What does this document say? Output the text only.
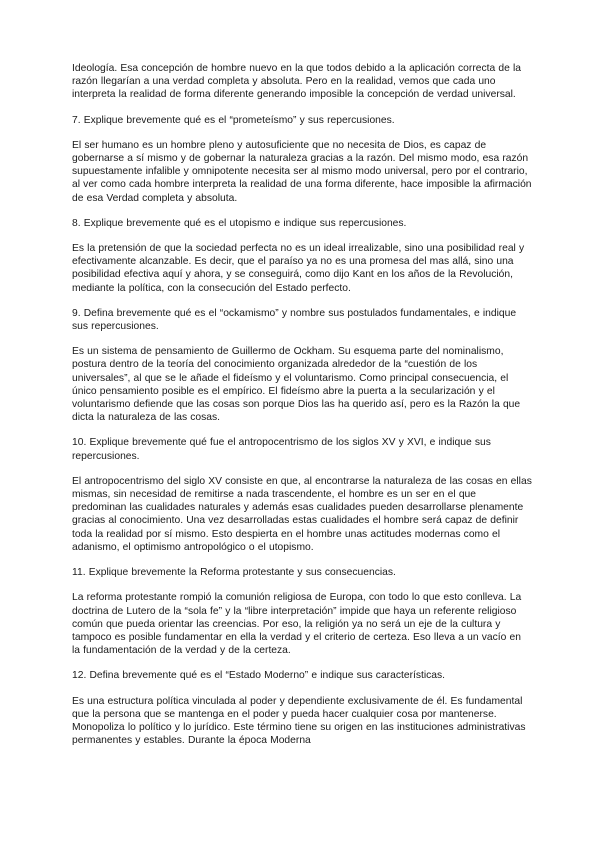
Ideología. Esa concepción de hombre nuevo en la que todos debido a la aplicación correcta de la razón llegarían a una verdad completa y absoluta. Pero en la realidad, vemos que cada uno interpreta la realidad de forma diferente generando imposible la concepción de verdad universal.

7. Explique brevemente qué es el “prometeísmo” y sus repercusiones.

El ser humano es un hombre pleno y autosuficiente que no necesita de Dios, es capaz de gobernarse a sí mismo y de gobernar la naturaleza gracias a la razón. Del mismo modo, esa razón supuestamente infalible y omnipotente necesita ser al mismo modo universal, pero por el contrario, al ver como cada hombre interpreta la realidad de una forma diferente, hace imposible la afirmación de esa Verdad completa y absoluta.

8. Explique brevemente qué es el utopismo e indique sus repercusiones.

Es la pretensión de que la sociedad perfecta no es un ideal irrealizable, sino una posibilidad real y efectivamente alcanzable. Es decir, que el paraíso ya no es una promesa del mas allá, sino una posibilidad efectiva aquí y ahora, y se conseguirá, como dijo Kant en los años de la Revolución, mediante la política, con la consecución del Estado perfecto.

9. Defina brevemente qué es el “ockamismo” y nombre sus postulados fundamentales, e indique sus repercusiones.

Es un sistema de pensamiento de Guillermo de Ockham. Su esquema parte del nominalismo, postura dentro de la teoría del conocimiento organizada alrededor de la “cuestión de los universales”, al que se le añade el fideísmo y el voluntarismo. Como principal consecuencia, el único pensamiento posible es el empírico. El fideísmo abre la puerta a la secularización y el voluntarismo defiende que las cosas son porque Dios las ha querido así, pero es la Razón la que dicta la naturaleza de las cosas.

10. Explique brevemente qué fue el antropocentrismo de los siglos XV y XVI, e indique sus repercusiones.

El antropocentrismo del siglo XV consiste en que, al encontrarse la naturaleza de las cosas en ellas mismas, sin necesidad de remitirse a nada trascendente, el hombre es un ser en el que predominan las cualidades naturales y además esas cualidades pueden desarrollarse plenamente gracias al conocimiento. Una vez desarrolladas estas cualidades el hombre será capaz de definir toda la realidad por sí mismo. Esto despierta en el hombre unas actitudes modernas como el adanismo, el optimismo antropológico o el utopismo.

11. Explique brevemente la Reforma protestante y sus consecuencias.

La reforma protestante rompió la comunión religiosa de Europa, con todo lo que esto conlleva. La doctrina de Lutero de la “sola fe” y la “libre interpretación” impide que haya un referente religioso común que pueda orientar las creencias. Por eso, la religión ya no será un eje de la cultura y tampoco es posible fundamentar en ella la verdad y el criterio de certeza. Eso lleva a un vacío en la fundamentación de la verdad y de la certeza.

12. Defina brevemente qué es el “Estado Moderno” e indique sus características.

Es una estructura política vinculada al poder y dependiente exclusivamente de él. Es fundamental que la persona que se mantenga en el poder y pueda hacer cualquier cosa por mantenerse. Monopoliza lo político y lo jurídico. Este término tiene su origen en las instituciones administrativas permanentes y estables. Durante la época Moderna
